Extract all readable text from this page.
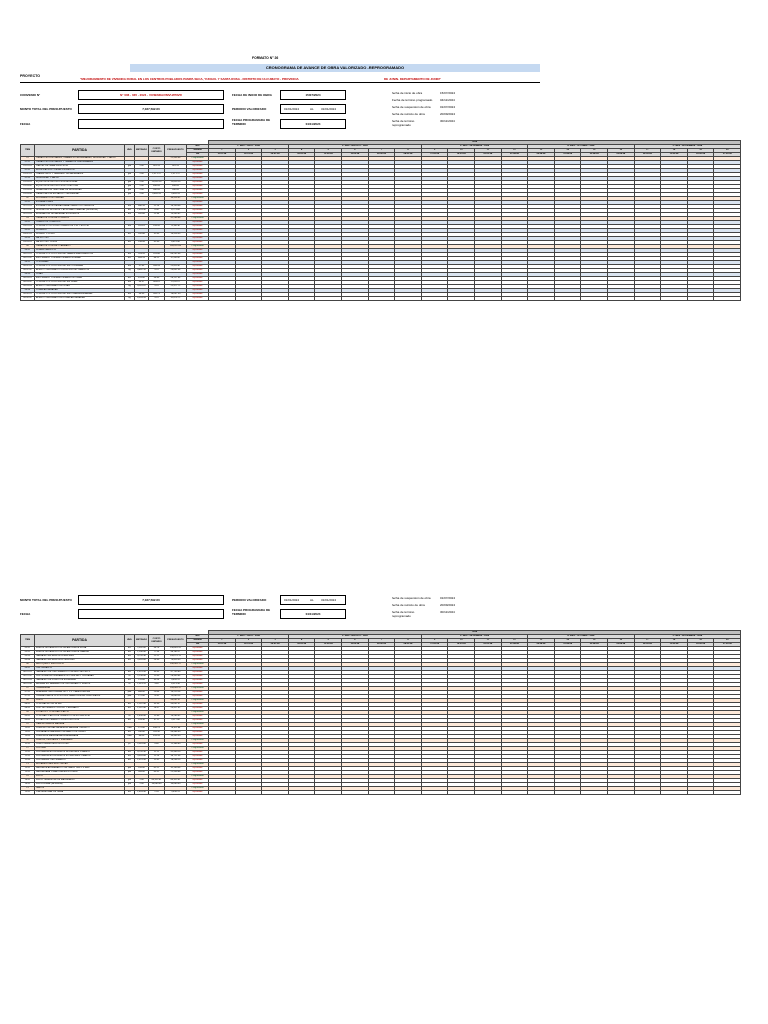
FORMATO N° 26
CRONOGRAMA DE AVANCE DE OBRA VALORIZADO -REPROGRAMADO
PROYECTO
"MEJORAMIENTO DE VIVIENDA RURAL EN LOS CENTROS POBLADOS PAMPA SECA, YUNGUL Y SANTA ROSA - DISTRITO DE ULCUMAYO - PROVINCIA	DE JUNIN- DEPARTAMENTO DE JUNIN"
CONVENIO N°	N° 006 - 035 - 2024 - VIVIENDA/VMVU/PNVR	FECHA DE INICIO DE OBRA	15/07/2024
MONTO TOTAL DEL PRESUPUESTO	7,037,592.60	PERIODO VALORIZADO	01/01/2024	AL 31/01/2024
FECHA
FECHA PROGRAMADA DE TERMINO	04/11/2024
fecha de inicio de obra	15/07/2024
Fecha de término programado	04/11/2024
fecha de suspensión de obra	01/07/2024
fecha de reinicio de obra	20/09/2024
fecha de término reprogramado
30/11/2024
							2024																			
ITEM	PARTIDA	UND.	METRADO	COSTO UNITARIO	PRESUPUESTO	Mes	1° MES - JULIO - 2024			2° MES - AGOSTO - 2024					3° MES - SETIEMBRE - 2024				4° MES - OCTUBRE - 2024				5° MES - NOVIEMBRE - 2024			
						Semana	1	2	3	4	5	6	7	8	9	10	11	12	13	14	15	16	17	18	19	20
						Dia	15-01-24	22-01-24	29-01-24	05-02-24	12-02-24	19-02-24	26-02-24	04-03-24	11-03-24	18-03-24	25-03-24	01-04-24	08-04-24	15-04-24	22-04-24	29-04-24	06-05-24	13-05-24	20-05-24	27-05-24
01	OBRAS PROVISIONALES, TRABAJOS PRELIMINARES, SEGURIDAD Y SALUD				21,434.08	Programado																				
01.01	OBRAS PROVISIONALES Y TRABAJOS PRELIMINARES					Ejecutado																				
01.01.01	CARTEL DE OBRA 3.60X2.40 M	glb	1.00	561.15	561.15	Ejecutado																				
01.02	MOVILIZACION Y DESMOVILIZACION					Ejecutado																				
01.02.01	TRANSPORTE Y TRASLADO DE MATERIALES	glb	1.00	1,971.72	1,971.72	Ejecutado																				
01.03	SEGURIDAD Y SALUD					Ejecutado																				
01.03.01	EQUIPOS DE PROTECCION INDIVIDUAL	glb	1.00	12,625.19	12,625.19	Ejecutado																				
01.03.02	EQUIPOS DE PROTECCION COLECTIVA	glb	1.00	856.04	856.04	Ejecutado																				
01.03.03	SEÑALIZACION TEMPORAL DE SEGURIDAD	glb	1.00	950.45	950.45	Ejecutado																				
01.03.04	CAPACITACION EN SALUD Y SEGURIDAD	glb	1.00	5,469.53	5,469.53	Ejecutado																				
02	MOVIMIENTO DE TIERRAS				30,524.42	Programado																				
02.01	EXCAVACIONES					Ejecutado																				
02.01.01	EXCAVACION DE ZANJAS PARA CIMIENTOS CORRIDOS	m3	480.16	21.14	10,150.58	Ejecutado																				
02.01.02	NIVELACION INTERIOR Y APISONADO MANUAL (INTERIOR)	m2	1,693.96	4.00	6,775.84	Ejecutado																				
02.01.03	ELIMINACION DE MATERIAL EXCEDENTE	m3	592.66	22.94	13,595.62	Ejecutado																				
03	OBRAS DE CONCRETO SIMPLE				91,286.68	Programado																				
03.01	CIMIENTOS CORRIDOS					Ejecutado																				
03.01.01	CONCRETO CICLOPEO CIMIENTOS 1:10 + 30% PM	m3	370.61	195.20	72,342.87	Ejecutado																				
03.02	SOLADOS					Ejecutado																				
03.02.01	SOLADO 1:12 E=4"	m2	332.86	31.63	10,528.35	Ejecutado																				
03.03	FALSO PISO					Ejecutado																				
03.03.01	FALSO PISO 1:8 E=4"	m2	198.48	42.40	8,415.46	Ejecutado																				
04	OBRAS DE CONCRETO ARMADO				264,057.66	Programado																				
04.01	SOBRECIMIENTOS					Ejecutado																				
04.01.01	CONCRETO F'C=175 KG/CM2 PARA SOBRECIMIENTOS	m3	203.26	315.86	64,202.96	Ejecutado																				
04.01.02	ENCOFRADO Y DESENCOFRADO NORMAL	m2	849.14	44.22	37,550.97	Ejecutado																				
04.02	COLUMNAS					Ejecutado																				
04.02.01	CONCRETO F'C=210 KG/CM2 EN COLUMNAS	m3	57.83	394.53	22,815.67	Ejecutado																				
04.02.02	ACERO CORRUGADO FY=4200 KG/CM2 GRADO 60	kg	4,882.16	5.25	25,631.34	Ejecutado																				
04.03	VIGAS					Ejecutado																				
04.03.01	ENCOFRADO Y DESENCOFRADO DE VIGAS	m2	476.00	54.89	26,127.64	Ejecutado																				
04.03.02	CONCRETO F'C=210 KG/CM2 EN VIGAS	m3	44.37	383.61	17,020.77	Ejecutado																				
04.03.03	ACERO CORRUGADO EN VIGAS	kg	4,281.47	5.25	22,477.72	Ejecutado																				
04.04	LOSAS ALIGERADAS					Ejecutado																				
04.04.01	CONCRETO F'C=210 KG/CM2 EN LOSAS ALIGERADAS	m3	46.30	345.73	16,007.30	Ejecutado																				
04.04.02	ACERO CORRUGADO EN LOSAS ALIGERADAS	kg	6,033.28	5.25	31,674.72	Ejecutado																				
MONTO TOTAL DEL PRESUPUESTO	7,037,592.60	PERIODO VALORIZADO	01/01/2024	AL 31/01/2024
FECHA
FECHA PROGRAMADA DE TERMINO	04/11/2024
fecha de suspensión de obra	01/07/2024
fecha de reinicio de obra	20/09/2024
fecha de término reprogramado
30/11/2024
							2024																			
ITEM	PARTIDA	UND.	METRADO	COSTO UNITARIO	PRESUPUESTO	Mes	1° MES - JULIO - 2024			2° MES - AGOSTO - 2024					3° MES - SETIEMBRE - 2024				4° MES - OCTUBRE - 2024				5° MES - NOVIEMBRE - 2024			
						Semana	1	2	3	4	5	6	7	8	9	10	11	12	13	14	15	16	17	18	19	20
						Dia	15-01-24	22-01-24	29-01-24	05-02-24	12-02-24	19-02-24	26-02-24	04-03-24	11-03-24	18-03-24	25-03-24	01-04-24	08-04-24	15-04-24	22-04-24	29-04-24	06-05-24	13-05-24	20-05-24	27-05-24
05.01	MUROS DE LADRILLO KK DE ARCILLA DE SOGA	m2	2,302.00	56.76	130,661.52	Ejecutado																				
05.02	MUROS DE LADRILLO KK DE ARCILLA DE CABEZA	m2	1,240.46	77.54	96,185.27	Ejecutado																				
05.03	TARRAJEO EN MUROS INTERIORES	m2	4,726.30	22.21	104,971.12	Ejecutado																				
05.04	TARRAJEO EN MUROS EXTERIORES	m2	3,024.84	26.39	79,825.53	Ejecutado																				
06	REVOQUES Y ENLUCIDOS				290,981.17	Programado																				
06.01	CIELORRASOS					Ejecutado																				
06.01.01	TARRAJEO DE CIELORRASOS CON MEZCLA C:A 1:5	m2	1,574.54	30.33	47,755.80	Ejecutado																				
06.01.02	VESTIDURA DE DERRAMES DE PUERTAS Y VENTANAS	m	2,138.40	12.60	26,943.84	Ejecutado																				
06.01.03	TARRAJEO DE FONDO DE ESCALERA	m2	131.66	35.24	4,639.70	Ejecutado																				
06.01.04	BRUÑAS EN TARRAJEO DE CIELORRASO Y MUROS	m	1,915.76	3.40	6,513.58	Ejecutado																				
07	CERRAJERIA				104,081.37	Programado																				
07.01	BISAGRAS CAPUCHINAS DE 3" X 3" PARA PUERTAS	pza	688.00	20.66	14,213.26	Ejecutado																				
07.02	CERRADURA DE DOS GOLPES PARA PUERTAS PRINCIPALES	pza	172.00	79.42	13,660.24	Ejecutado																				
08	PISOS				43,001.57	Programado																				
08.01	CONTRAPISO DE 48 MM	m2	1,287.96	33.39	43,001.57	Ejecutado																				
08.02	PISO DE CEMENTO PULIDO Y BRUÑADO	m2	1,287.96	18.57	23,917.42	Ejecutado																				
09	ZOCALOS Y CONTRAZOCALOS					Programado																				
09.01	CONTRAZOCALOS DE CEMENTO PULIDO H=0.30 M	m	1,634.40	11.80	19,285.92	Ejecutado																				
09.02	ZOCALO DE CEMENTO PULIDO H=1.20 M	m2	143.30	37.11	5,317.86	Ejecutado																				
10	CARPINTERIA DE MADERA					Programado																				
10.01	PUERTA CONTRAPLACADA DE MADERA TORNILLO	und	172.00	458.79	78,911.88	Ejecutado																				
10.02	VENTANA DE MADERA CON MARCO DE CEDRO	m2	240.80	205.50	49,484.40	Ejecutado																				
10.03	PUERTA DE MADERA MACHIHEMBRADA	und	86.00	418.55	35,995.30	Ejecutado																				
11	VIDRIOS, CRISTALES Y SIMILARES					Programado																				
11.01	VIDRIO SEMIDOBLE INCOLORO	p2	2,581.00	4.80	12,388.80	Ejecutado																				
12	PINTURA					Programado																				
12.01	PINTURA LATEX EN MUROS INTERIORES 2 MANOS	m2	4,726.30	11.11	52,509.19	Ejecutado																				
12.02	PINTURA LATEX EN MUROS EXTERIORES 2 MANOS	m2	3,024.84	12.14	36,721.56	Ejecutado																				
12.03	PINTURA EN CIELORRASOS	m2	1,574.54	11.62	18,296.15	Ejecutado																				
13	INSTALACIONES ELECTRICAS					Programado																				
13.01	SALIDA DE ALUMBRADO CON CABLE THW 2.5 MM2	pto	516.00	62.21	32,100.36	Ejecutado																				
13.02	SALIDA PARA TOMACORRIENTE DOBLE	pto	344.00	65.52	22,538.88	Ejecutado																				
14	FLETE					Programado																				
14.01	FLETE TERRESTRE DE MATERIALES	glb	1.00	85,322.61	85,322.61	Ejecutado																				
14.02	FLETE RURAL (ACEMILA)	glb	1.00	34,680.00	34,680.00	Ejecutado																				
15	VARIOS					Programado																				
15.01	LIMPIEZA FINAL DE OBRA	m2	1,693.96	2.03	3,438.74	Ejecutado																				
